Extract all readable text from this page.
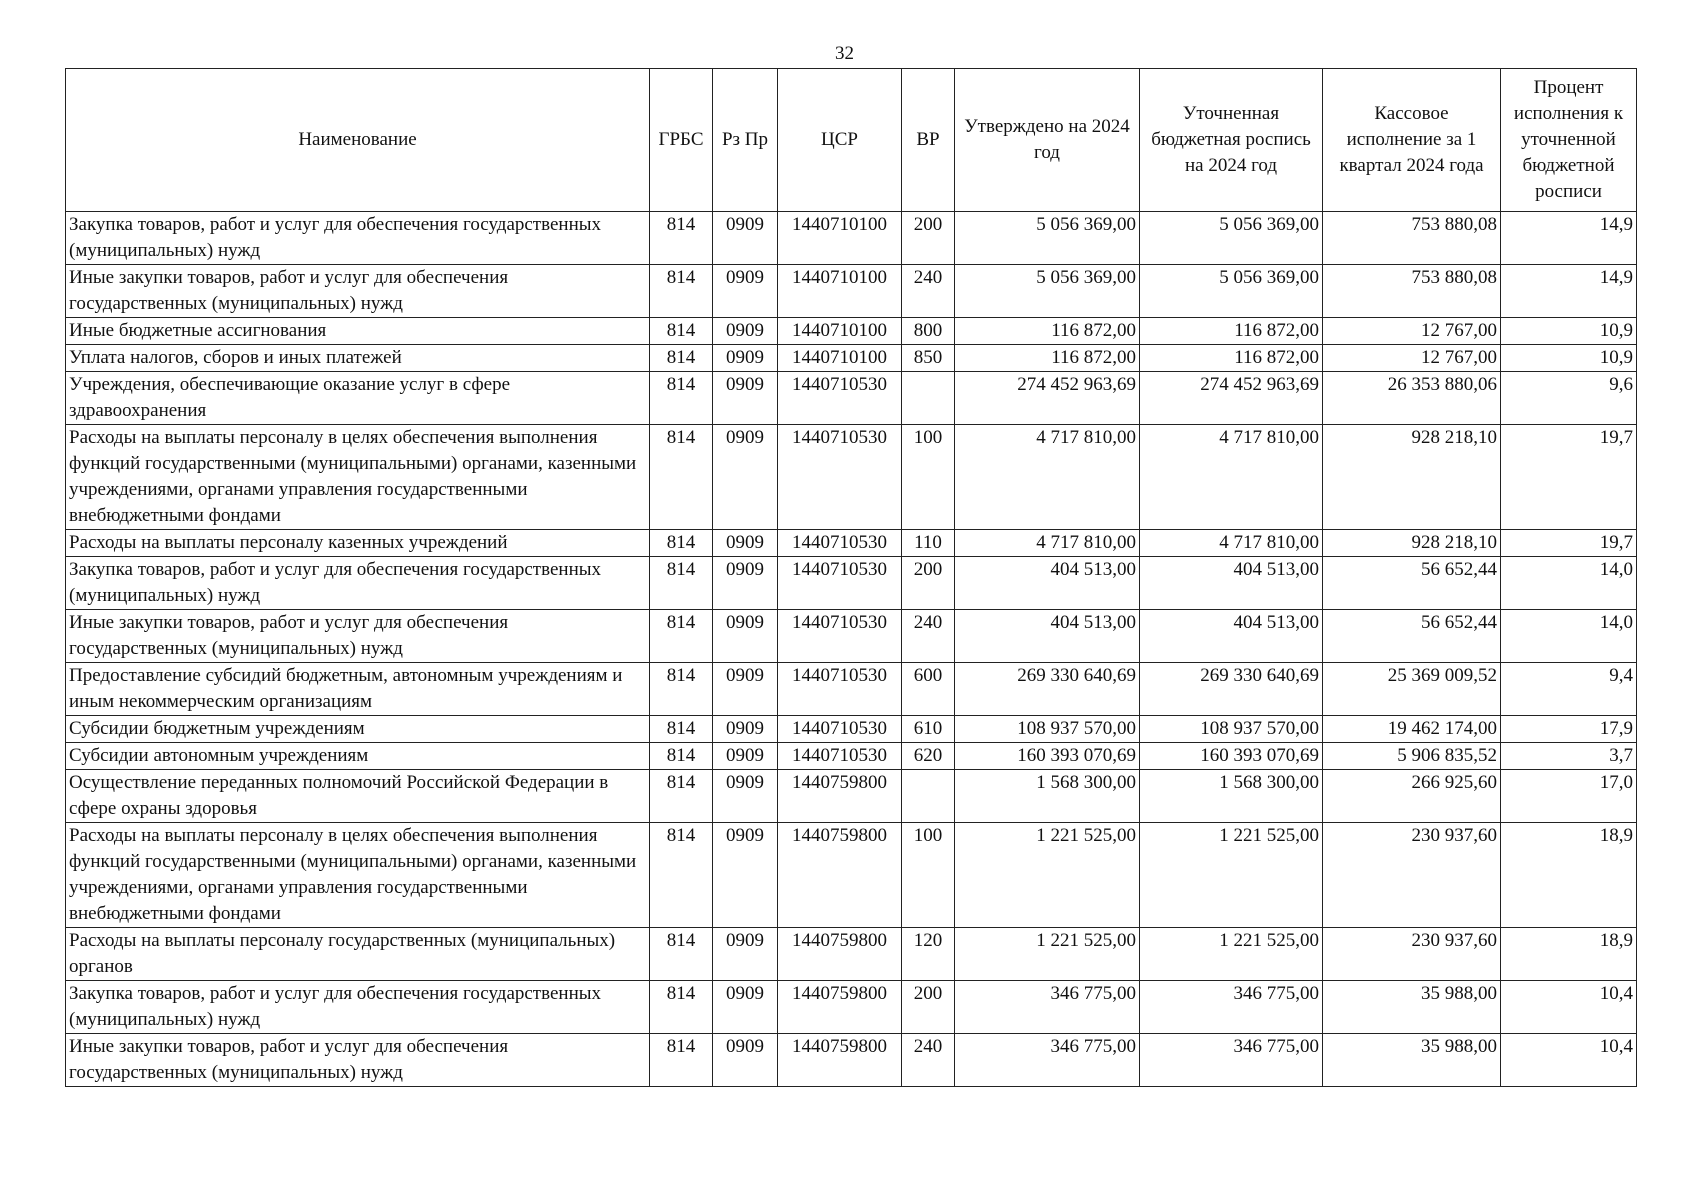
32
Наименование	ГРБС	Рз Пр	ЦСР	ВР	Утверждено на 2024 год	Уточненная бюджетная роспись на 2024 год	Кассовое исполнение за 1 квартал 2024 года	Процент исполнения к уточненной бюджетной росписи
Закупка товаров, работ и услуг для обеспечения государственных (муниципальных) нужд	814	0909	1440710100	200	5 056 369,00	5 056 369,00	753 880,08	14,9
Иные закупки товаров, работ и услуг для обеспечения государственных (муниципальных) нужд	814	0909	1440710100	240	5 056 369,00	5 056 369,00	753 880,08	14,9
Иные бюджетные ассигнования	814	0909	1440710100	800	116 872,00	116 872,00	12 767,00	10,9
Уплата налогов, сборов и иных платежей	814	0909	1440710100	850	116 872,00	116 872,00	12 767,00	10,9
Учреждения, обеспечивающие оказание услуг в сфере здравоохранения	814	0909	1440710530		274 452 963,69	274 452 963,69	26 353 880,06	9,6
Расходы на выплаты персоналу в целях обеспечения выполнения функций государственными (муниципальными) органами, казенными учреждениями, органами управления государственными внебюджетными фондами	814	0909	1440710530	100	4 717 810,00	4 717 810,00	928 218,10	19,7
Расходы на выплаты персоналу казенных учреждений	814	0909	1440710530	110	4 717 810,00	4 717 810,00	928 218,10	19,7
Закупка товаров, работ и услуг для обеспечения государственных (муниципальных) нужд	814	0909	1440710530	200	404 513,00	404 513,00	56 652,44	14,0
Иные закупки товаров, работ и услуг для обеспечения государственных (муниципальных) нужд	814	0909	1440710530	240	404 513,00	404 513,00	56 652,44	14,0
Предоставление субсидий бюджетным, автономным учреждениям и иным некоммерческим организациям	814	0909	1440710530	600	269 330 640,69	269 330 640,69	25 369 009,52	9,4
Субсидии бюджетным учреждениям	814	0909	1440710530	610	108 937 570,00	108 937 570,00	19 462 174,00	17,9
Субсидии автономным учреждениям	814	0909	1440710530	620	160 393 070,69	160 393 070,69	5 906 835,52	3,7
Осуществление переданных полномочий Российской Федерации в сфере охраны здоровья	814	0909	1440759800		1 568 300,00	1 568 300,00	266 925,60	17,0
Расходы на выплаты персоналу в целях обеспечения выполнения функций государственными (муниципальными) органами, казенными учреждениями, органами управления государственными внебюджетными фондами	814	0909	1440759800	100	1 221 525,00	1 221 525,00	230 937,60	18,9
Расходы на выплаты персоналу государственных (муниципальных) органов	814	0909	1440759800	120	1 221 525,00	1 221 525,00	230 937,60	18,9
Закупка товаров, работ и услуг для обеспечения государственных (муниципальных) нужд	814	0909	1440759800	200	346 775,00	346 775,00	35 988,00	10,4
Иные закупки товаров, работ и услуг для обеспечения государственных (муниципальных) нужд	814	0909	1440759800	240	346 775,00	346 775,00	35 988,00	10,4
